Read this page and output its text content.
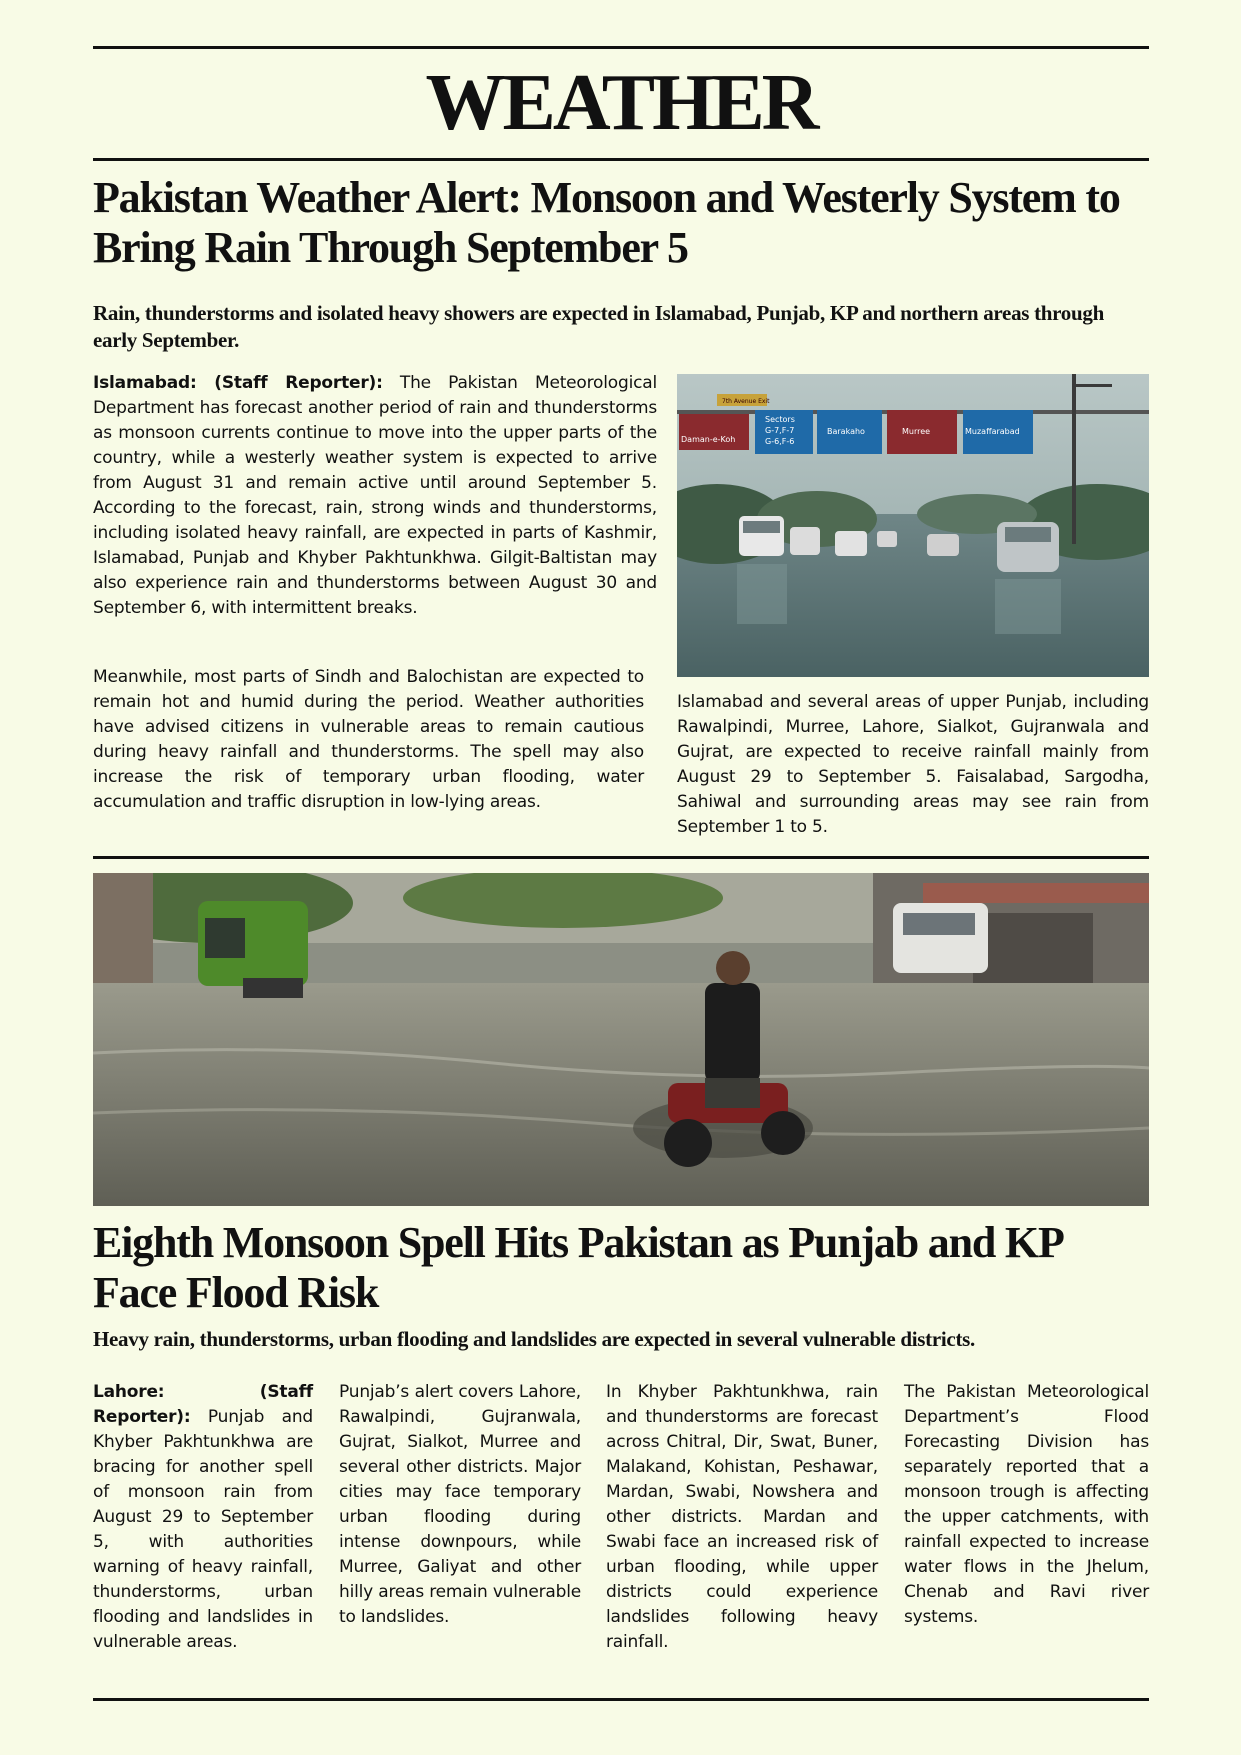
WEATHER
Pakistan Weather Alert: Monsoon and Westerly System to Bring Rain Through September 5
Rain, thunderstorms and isolated heavy showers are expected in Islamabad, Punjab, KP and northern areas through early September.
Islamabad: (Staff Reporter): The Pakistan Meteorological Department has forecast another period of rain and thunderstorms as monsoon currents continue to move into the upper parts of the country, while a westerly weather system is expected to arrive from August 31 and remain active until around September 5. According to the forecast, rain, strong winds and thunderstorms, including isolated heavy rainfall, are expected in parts of Kashmir, Islamabad, Punjab and Khyber Pakhtunkhwa. Gilgit-Baltistan may also experience rain and thunderstorms between August 30 and September 6, with intermittent breaks.
Meanwhile, most parts of Sindh and Balochistan are expected to remain hot and humid during the period. Weather authorities have advised citizens in vulnerable areas to remain cautious during heavy rainfall and thunderstorms. The spell may also increase the risk of temporary urban flooding, water accumulation and traffic disruption in low-lying areas.
7th Avenue Exit
Daman-e-Koh
Sectors
G-7,F-7
G-6,F-6
Barakaho	Murree	Muzaffarabad
Islamabad and several areas of upper Punjab, including Rawalpindi, Murree, Lahore, Sialkot, Gujranwala and Gujrat, are expected to receive rainfall mainly from August 29 to September 5. Faisalabad, Sargodha, Sahiwal and surrounding areas may see rain from September 1 to 5.
Eighth Monsoon Spell Hits Pakistan as Punjab and KP Face Flood Risk
Heavy rain, thunderstorms, urban flooding and landslides are expected in several vulnerable districts.
Lahore: (Staff Reporter): Punjab and Khyber Pakhtunkhwa are bracing for another spell of monsoon rain from August 29 to September 5, with authorities warning of heavy rainfall, thunderstorms, urban flooding and landslides in vulnerable areas.
Punjab’s alert covers Lahore, Rawalpindi, Gujranwala, Gujrat, Sialkot, Murree and several other districts. Major cities may face temporary urban flooding during intense downpours, while Murree, Galiyat and other hilly areas remain vulnerable to landslides.
In Khyber Pakhtunkhwa, rain and thunderstorms are forecast across Chitral, Dir, Swat, Buner, Malakand, Kohistan, Peshawar, Mardan, Swabi, Nowshera and other districts. Mardan and Swabi face an increased risk of urban flooding, while upper districts could experience landslides following heavy rainfall.
The Pakistan Meteorological Department’s Flood Forecasting Division has separately reported that a monsoon trough is affecting the upper catchments, with rainfall expected to increase water flows in the Jhelum, Chenab and Ravi river systems.
